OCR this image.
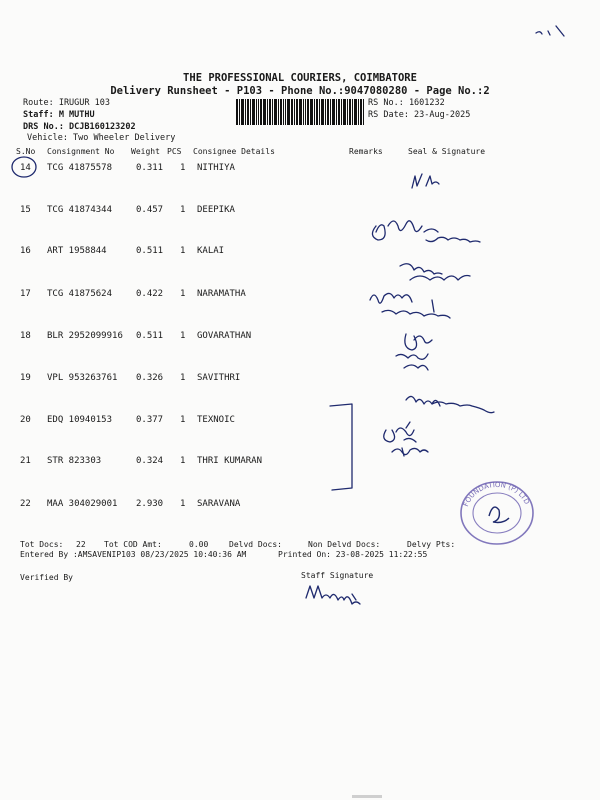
THE PROFESSIONAL COURIERS, COIMBATORE
Delivery Runsheet - P103 - Phone No.:9047080280 - Page No.:2
Route: IRUGUR 103
Staff: M MUTHU
DRS No.: DCJB160123202
Vehicle: Two Wheeler Delivery
RS No.: 1601232
RS Date: 23-Aug-2025
S.No Consignment No Weight PCS Consignee Details	Remarks	Seal & Signature
14 TCG 41875578	0.311 1 NITHIYA
15 TCG 41874344	0.457 1 DEEPIKA
16 ART 1958844	0.511 1 KALAI
17 TCG 41875624	0.422 1 NARAMATHA
18 BLR 2952099916 0.511 1 GOVARATHAN
19 VPL 953263761 0.326 1 SAVITHRI
20 EDQ 10940153	0.377 1 TEXNOIC
21 STR 823303	0.324 1 THRI KUMARAN
22 MAA 304029001 2.930 1 SARAVANA
Tot Docs: 22 Tot COD Amt:	0.00	Delvd Docs:	Non Delvd Docs:	Delvy Pts:
Entered By :AMSAVENIP103 08/23/2025 10:40:36 AM	Printed On: 23-08-2025 11:22:55
Verified By	Staff Signature
FOUNDATION (P) LTD
